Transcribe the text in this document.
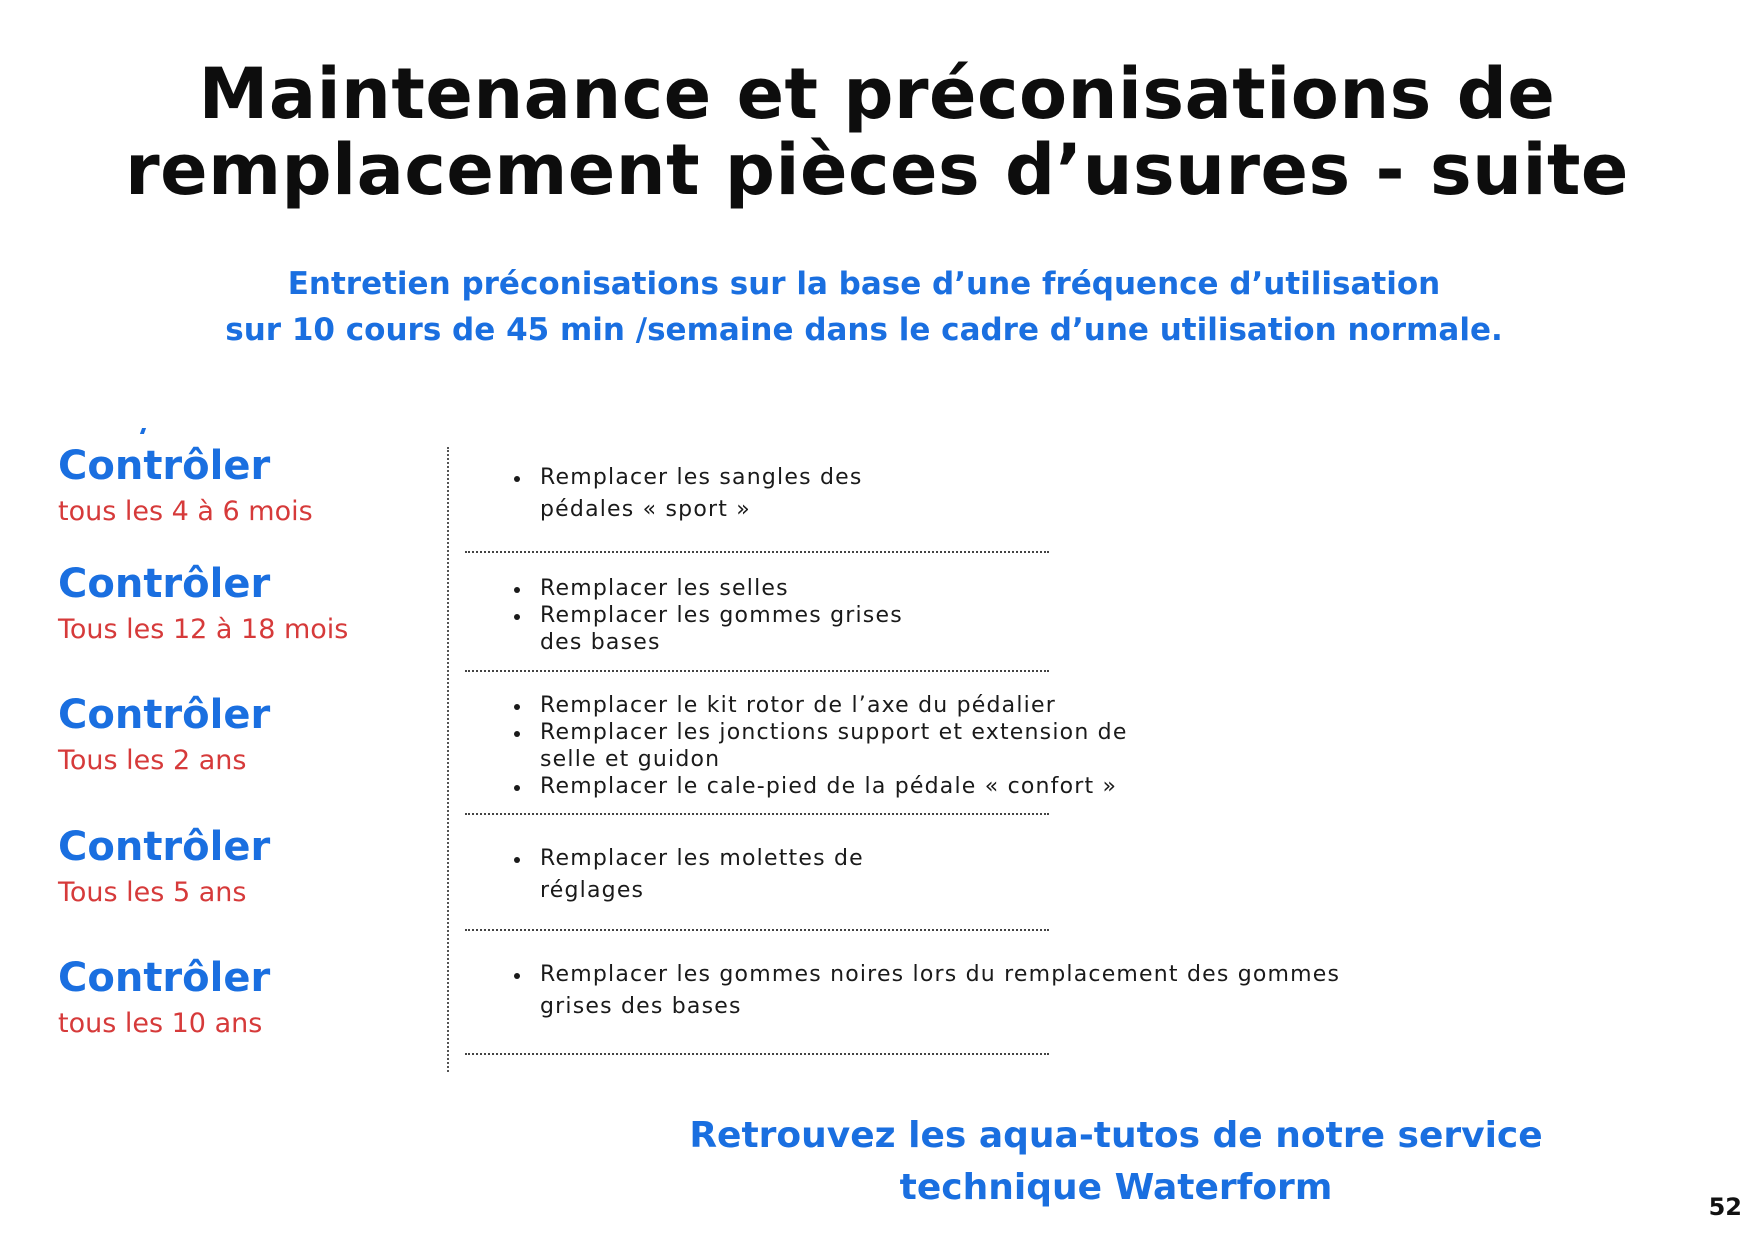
Maintenance et préconisations de
remplacement pièces d’usures - suite
Entretien préconisations sur la base d’une fréquence d’utilisation
sur 10 cours de 45 min /semaine dans le cadre d’une utilisation normale.
Contrôler
tous les 4 à 6 mois
Remplacer les sangles des
pédales « sport »
Contrôler
Tous les 12 à 18 mois
Remplacer les selles
Remplacer les gommes grises
des bases
Contrôler
Tous les 2 ans
Remplacer le kit rotor de l’axe du pédalier
Remplacer les jonctions support et extension de
selle et guidon
Remplacer le cale-pied de la pédale « confort »
Contrôler
Tous les 5 ans
Remplacer les molettes de
réglages
Contrôler
tous les 10 ans
Remplacer les gommes noires lors du remplacement des gommes
grises des bases
Retrouvez les aqua-tutos de notre service
technique Waterform	52
